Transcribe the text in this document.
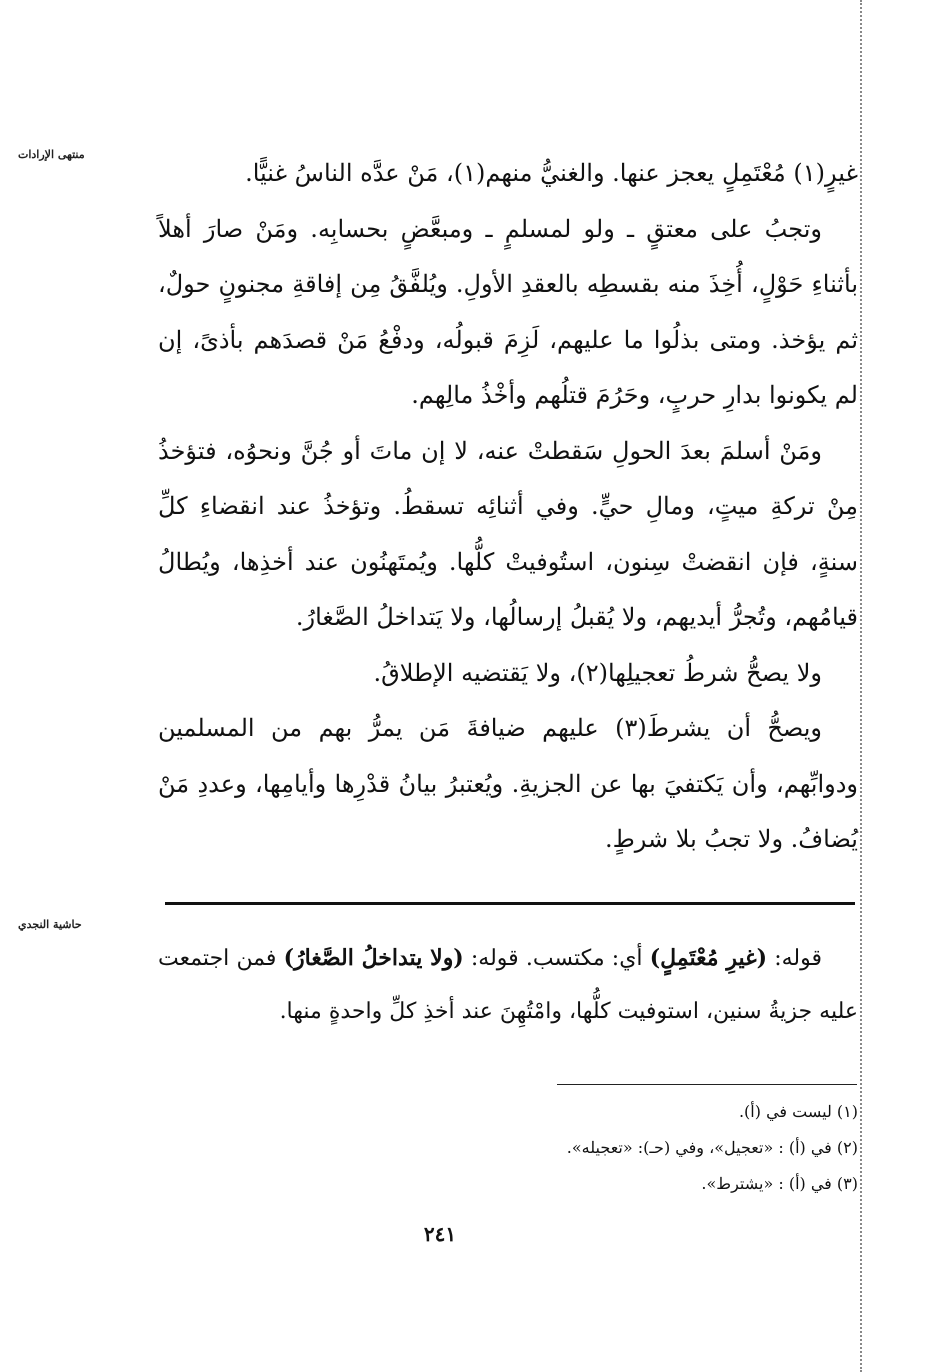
منتهى الإرادات

غيرٍ(١) مُعْتَمِلٍ يعجز عنها. والغنيُّ منهم(١)، مَنْ عدَّه الناسُ غنيًّا.

وتجبُ على معتقٍ ـ ولو لمسلمٍ ـ ومبعَّضٍ بحسابِه. ومَنْ صارَ أهلاً بأثناءِ حَوْلٍ، أُخِذَ منه بقسطِه بالعقدِ الأولِ. ويُلفَّقُ مِن إفاقةِ مجنونٍ حولٌ، ثم يؤخذ. ومتى بذلُوا ما عليهم، لَزِمَ قبولُه، ودفْعُ مَنْ قصدَهم بأذىً، إن لم يكونوا بدارِ حربٍ، وحَرُمَ قتلُهم وأخْذُ مالِهم.

ومَنْ أسلمَ بعدَ الحولِ سَقطتْ عنه، لا إن ماتَ أو جُنَّ ونحوُه، فتؤخذُ مِنْ تركةِ ميتٍ، ومالِ حيٍّ. وفي أثنائِه تسقطُ. وتؤخذُ عند انقضاءِ كلِّ سنةٍ، فإن انقضتْ سِنون، استُوفيتْ كلُّها. ويُمتَهنُون عند أخذِها، ويُطالُ قيامُهم، وتُجرُّ أيديهم، ولا يُقبلُ إرسالُها، ولا يَتداخلُ الصَّغارُ.

ولا يصحُّ شرطُ تعجيلِها(٢)، ولا يَقتضيه الإطلاقُ.

ويصحُّ أن يشرطَ(٣) عليهم ضيافةَ مَن يمرُّ بهم من المسلمين ودوابِّهم، وأن يَكتفيَ بها عن الجزيةِ. ويُعتبرُ بيانُ قدْرِها وأيامِها، وعددِ مَنْ يُضافُ. ولا تجبُ بلا شرطٍ.

حاشية النجدي

قوله: (غيرِ مُعْتَمِلٍ) أي: مكتسب. قوله: (ولا يتداخلُ الصَّغارُ) فمن اجتمعت عليه جزيةُ سنين، استوفيت كلُّها، وامْتُهِنَ عند أخذِ كلِّ واحدةٍ منها.

(١) ليست في (أ).
(٢) في (أ) : «تعجيل»، وفي (حـ): «تعجيله».
(٣) في (أ) : «يشترط».
٢٤١
